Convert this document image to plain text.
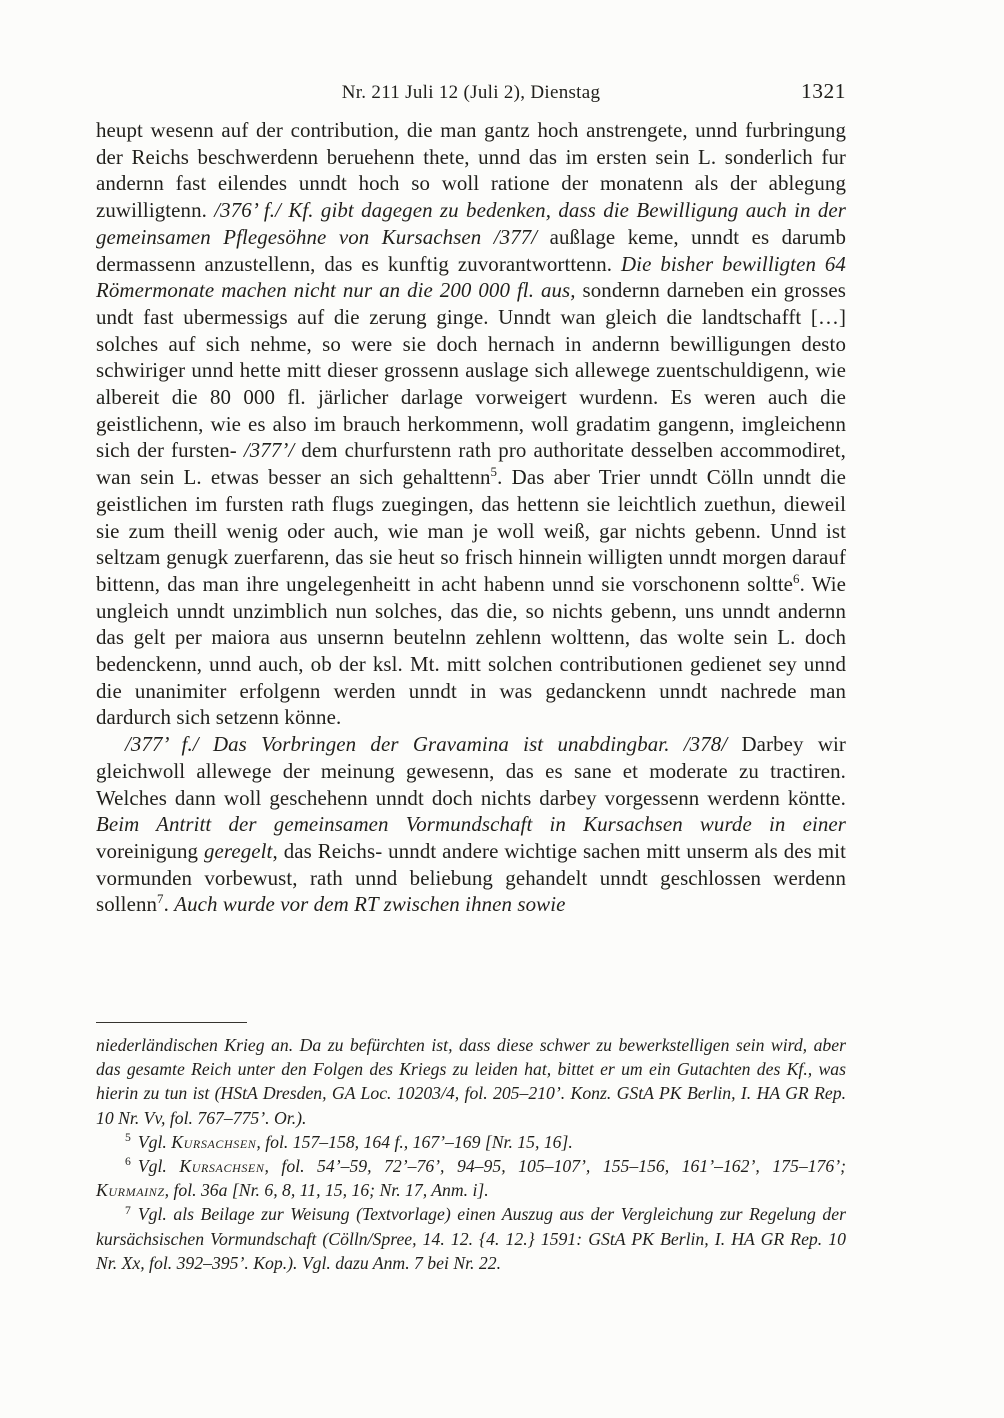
Nr. 211 Juli 12 (Juli 2), Dienstag	1321

heupt wesenn auf der contribution, die man gantz hoch anstrengete, unnd furbringung der Reichs beschwerdenn beruehenn thete, unnd das im ersten sein L. sonderlich fur andernn fast eilendes unndt hoch so woll ratione der monatenn als der ablegung zuwilligtenn. /376’ f./ Kf. gibt dagegen zu bedenken, dass die Bewilligung auch in der gemeinsamen Pflegesöhne von Kursachsen /377/ außlage keme, unndt es darumb dermassenn anzustellenn, das es kunftig zuvorantworttenn. Die bisher bewilligten 64 Römermonate machen nicht nur an die 200 000 fl. aus, sondernn darneben ein grosses undt fast ubermessigs auf die zerung ginge. Unndt wan gleich die landtschafft […] solches auf sich nehme, so were sie doch hernach in andernn bewilligungen desto schwiriger unnd hette mitt dieser grossenn auslage sich allewege zuentschuldigenn, wie albereit die 80 000 fl. järlicher darlage vorweigert wurdenn. Es weren auch die geistlichenn, wie es also im brauch herkommenn, woll gradatim gangenn, imgleichenn sich der fursten- /377’/ dem churfurstenn rath pro authoritate desselben accommodiret, wan sein L. etwas besser an sich gehalttenn$^5$. Das aber Trier unndt Cölln unndt die geistlichen im fursten rath flugs zuegingen, das hettenn sie leichtlich zuethun, dieweil sie zum theill wenig oder auch, wie man je woll weiß, gar nichts gebenn. Unnd ist seltzam genugk zuerfarenn, das sie heut so frisch hinnein willigten unndt morgen darauf bittenn, das man ihre ungelegenheitt in acht habenn unnd sie vorschonenn soltte$^6$. Wie ungleich unndt unzimblich nun solches, das die, so nichts gebenn, uns unndt andernn das gelt per maiora aus unsernn beutelnn zehlenn wolttenn, das wolte sein L. doch bedenckenn, unnd auch, ob der ksl. Mt. mitt solchen contributionen gedienet sey unnd die unanimiter erfolgenn werden unndt in was gedanckenn unndt nachrede man dardurch sich setzenn könne.

/377’ f./ Das Vorbringen der Gravamina ist unabdingbar. /378/ Darbey wir gleichwoll allewege der meinung gewesenn, das es sane et moderate zu tractiren. Welches dann woll geschehenn unndt doch nichts darbey vorgessenn werdenn köntte. Beim Antritt der gemeinsamen Vormundschaft in Kursachsen wurde in einer voreinigung geregelt, das Reichs- unndt andere wichtige sachen mitt unserm als des mit vormunden vorbewust, rath unnd beliebung gehandelt unndt geschlossen werdenn sollenn$^7$. Auch wurde vor dem RT zwischen ihnen sowie

niederländischen Krieg an. Da zu befürchten ist, dass diese schwer zu bewerkstelligen sein wird, aber das gesamte Reich unter den Folgen des Kriegs zu leiden hat, bittet er um ein Gutachten des Kf., was hierin zu tun ist (HStA Dresden, GA Loc. 10203/4, fol. 205–210’. Konz. GStA PK Berlin, I. HA GR Rep. 10 Nr. Vv, fol. 767–775’. Or.).

$^5$ Vgl. Kursachsen, fol. 157–158, 164 f., 167’–169 [Nr. 15, 16].

$^6$ Vgl. Kursachsen, fol. 54’–59, 72’–76’, 94–95, 105–107’, 155–156, 161’–162’, 175–176’; Kurmainz, fol. 36a [Nr. 6, 8, 11, 15, 16; Nr. 17, Anm. i].

$^7$ Vgl. als Beilage zur Weisung (Textvorlage) einen Auszug aus der Vergleichung zur Regelung der kursächsischen Vormundschaft (Cölln/Spree, 14. 12. {4. 12.} 1591: GStA PK Berlin, I. HA GR Rep. 10 Nr. Xx, fol. 392–395’. Kop.). Vgl. dazu Anm. 7 bei Nr. 22.
